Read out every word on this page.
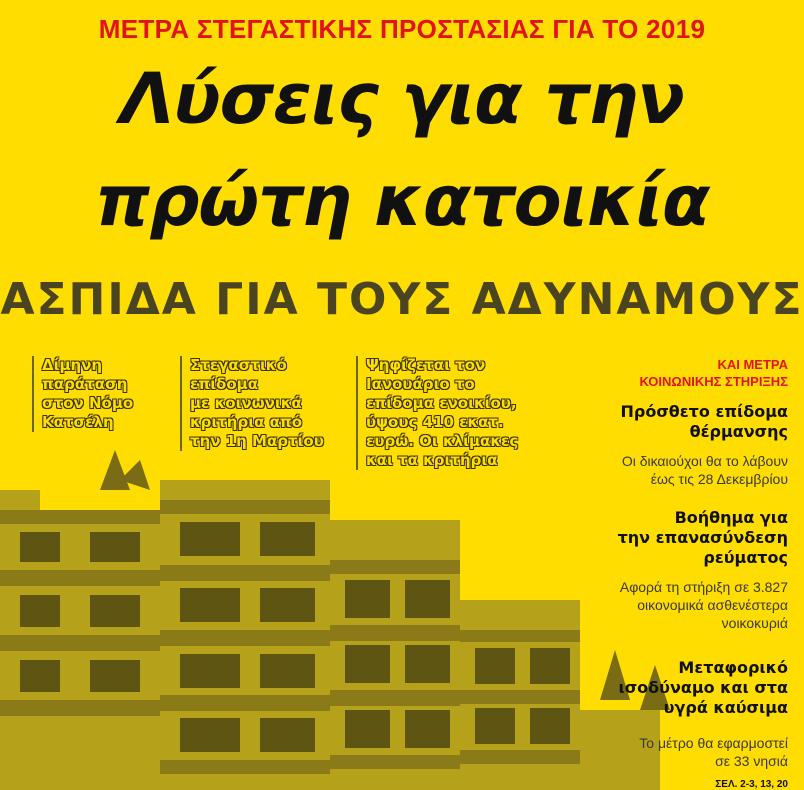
ΜΕΤΡΑ ΣΤΕΓΑΣΤΙΚΗΣ ΠΡΟΣΤΑΣΙΑΣ ΓΙΑ ΤΟ 2019
Λύσεις για την
πρώτη κατοικία
ΑΣΠΙΔΑ ΓΙΑ ΤΟΥΣ ΑΔΥΝΑΜΟΥΣ

Δίμηνη
παράταση
στον Νόμο
Κατσέλη

Στεγαστικό
επίδομα
με κοινωνικά
κριτήρια από
την 1η Μαρτίου

Ψηφίζεται τον
Ιανουάριο το
επίδομα ενοικίου,
ύψους 410 εκατ.
ευρώ. Οι κλίμακες
και τα κριτήρια

ΚΑΙ ΜΕΤΡΑ
ΚΟΙΝΩΝΙΚΗΣ ΣΤΗΡΙΞΗΣ

Πρόσθετο επίδομα
θέρμανσης

Οι δικαιούχοι θα το λάβουν
έως τις 28 Δεκεμβρίου

Βοήθημα για
την επανασύνδεση
ρεύματος

Αφορά τη στήριξη σε 3.827
οικονομικά ασθενέστερα
νοικοκυριά

Μεταφορικό
ισοδύναμο και στα
υγρά καύσιμα

Το μέτρο θα εφαρμοστεί
σε 33 νησιά

ΣΕΛ. 2-3, 13, 20
